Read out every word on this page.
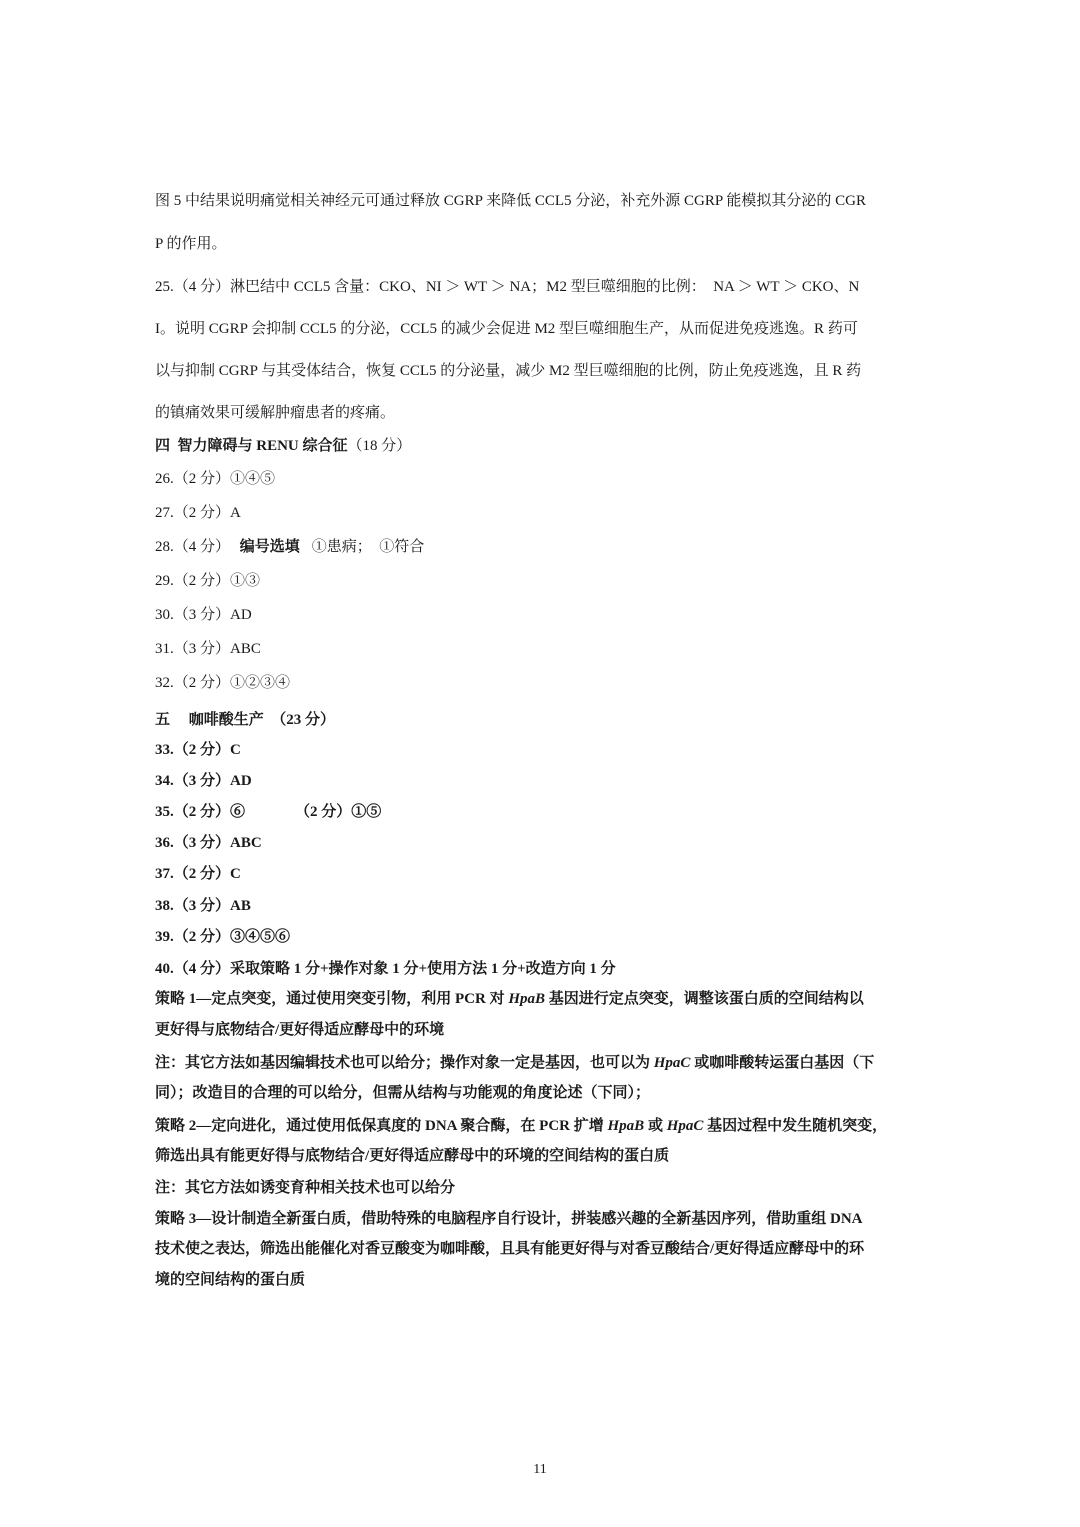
图 5 中结果说明痛觉相关神经元可通过释放 CGRP 来降低 CCL5 分泌，补充外源 CGRP 能模拟其分泌的 CGR
P 的作用。
25.（4 分）淋巴结中 CCL5 含量：CKO、NI ＞ WT ＞ NA；M2 型巨噬细胞的比例：  NA ＞ WT ＞ CKO、N
I。说明 CGRP 会抑制 CCL5 的分泌，CCL5 的减少会促进 M2 型巨噬细胞生产，从而促进免疫逃逸。R 药可
以与抑制 CGRP 与其受体结合，恢复 CCL5 的分泌量，减少 M2 型巨噬细胞的比例，防止免疫逃逸，且 R 药
的镇痛效果可缓解肿瘤患者的疼痛。
四  智力障碍与 RENU 综合征（18 分）
26.（2 分）①④⑤
27.（2 分）A
28.（4 分） 编号选填 ①患病；  ①符合
29.（2 分）①③
30.（3 分）AD
31.（3 分）ABC
32.（2 分）①②③④
五     咖啡酸生产  （23 分）
33.（2 分）C
34.（3 分）AD
35.（2 分）⑥	（2 分）①⑤
36.（3 分）ABC
37.（2 分）C
38.（3 分）AB
39.（2 分）③④⑤⑥
40.（4 分）采取策略 1 分+操作对象 1 分+使用方法 1 分+改造方向 1 分
策略 1—定点突变，通过使用突变引物，利用 PCR 对 HpaB 基因进行定点突变，调整该蛋白质的空间结构以
更好得与底物结合/更好得适应酵母中的环境
注：其它方法如基因编辑技术也可以给分；操作对象一定是基因，也可以为 HpaC 或咖啡酸转运蛋白基因（下
同）；改造目的合理的可以给分，但需从结构与功能观的角度论述（下同）；
策略 2—定向进化，通过使用低保真度的 DNA 聚合酶，在 PCR 扩增 HpaB 或 HpaC 基因过程中发生随机突变，
筛选出具有能更好得与底物结合/更好得适应酵母中的环境的空间结构的蛋白质
注：其它方法如诱变育种相关技术也可以给分
策略 3—设计制造全新蛋白质，借助特殊的电脑程序自行设计，拼装感兴趣的全新基因序列，借助重组 DNA
技术使之表达，筛选出能催化对香豆酸变为咖啡酸，且具有能更好得与对香豆酸结合/更好得适应酵母中的环
境的空间结构的蛋白质
11
